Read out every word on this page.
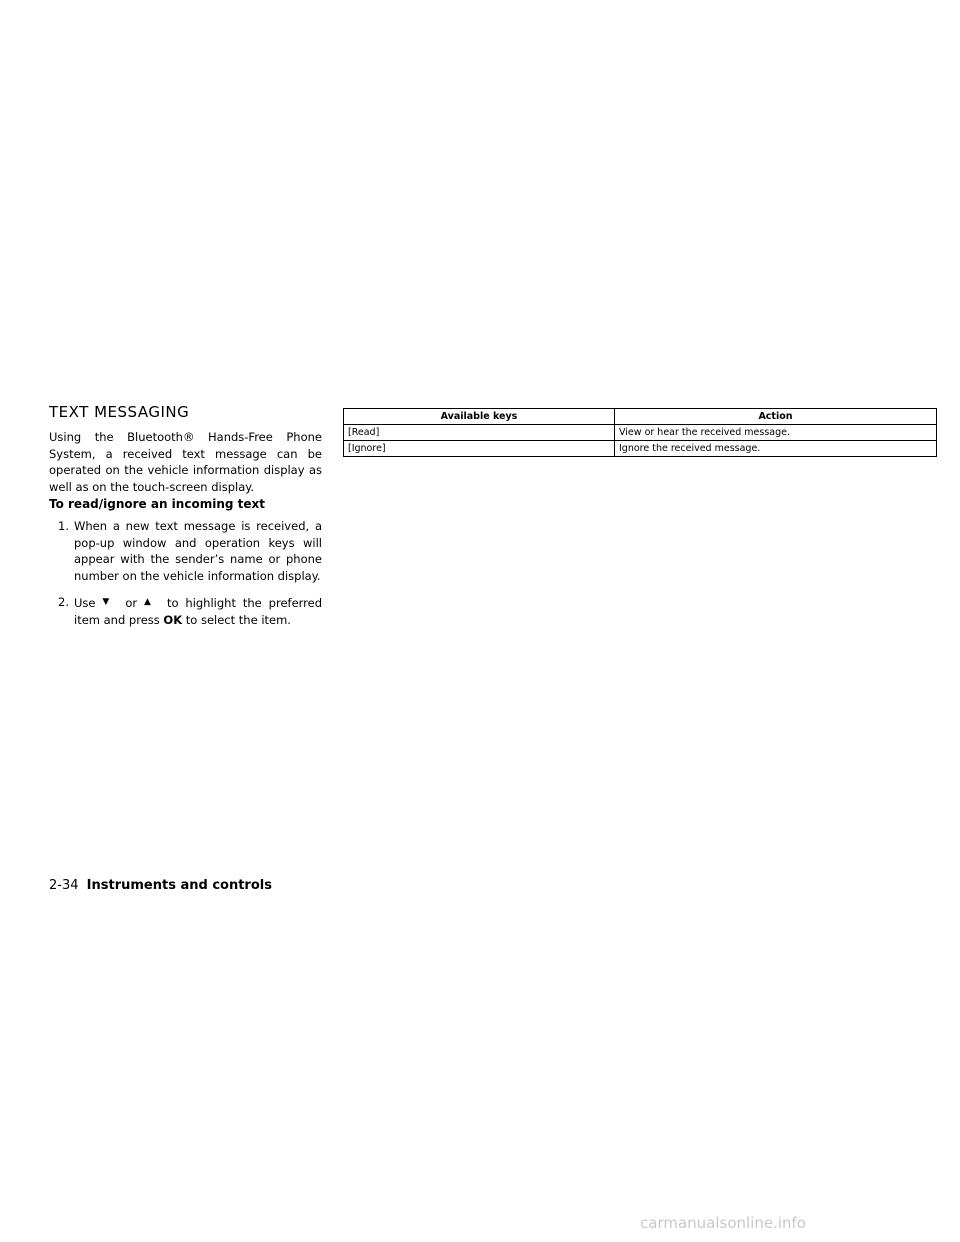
TEXT MESSAGING

Using the Bluetooth® Hands-Free Phone System, a received text message can be operated on the vehicle information display as well as on the touch-screen display.

To read/ignore an incoming text
1. When a new text message is received, a pop-up window and operation keys will appear with the sender’s name or phone number on the vehicle information display.
2. Use ▼ or ▲ to highlight the preferred item and press OK to select the item.
Available keys	Action
[Read]	View or hear the received message.
[Ignore]	Ignore the received message.

2-34 Instruments and controls

carmanualsonline.info
